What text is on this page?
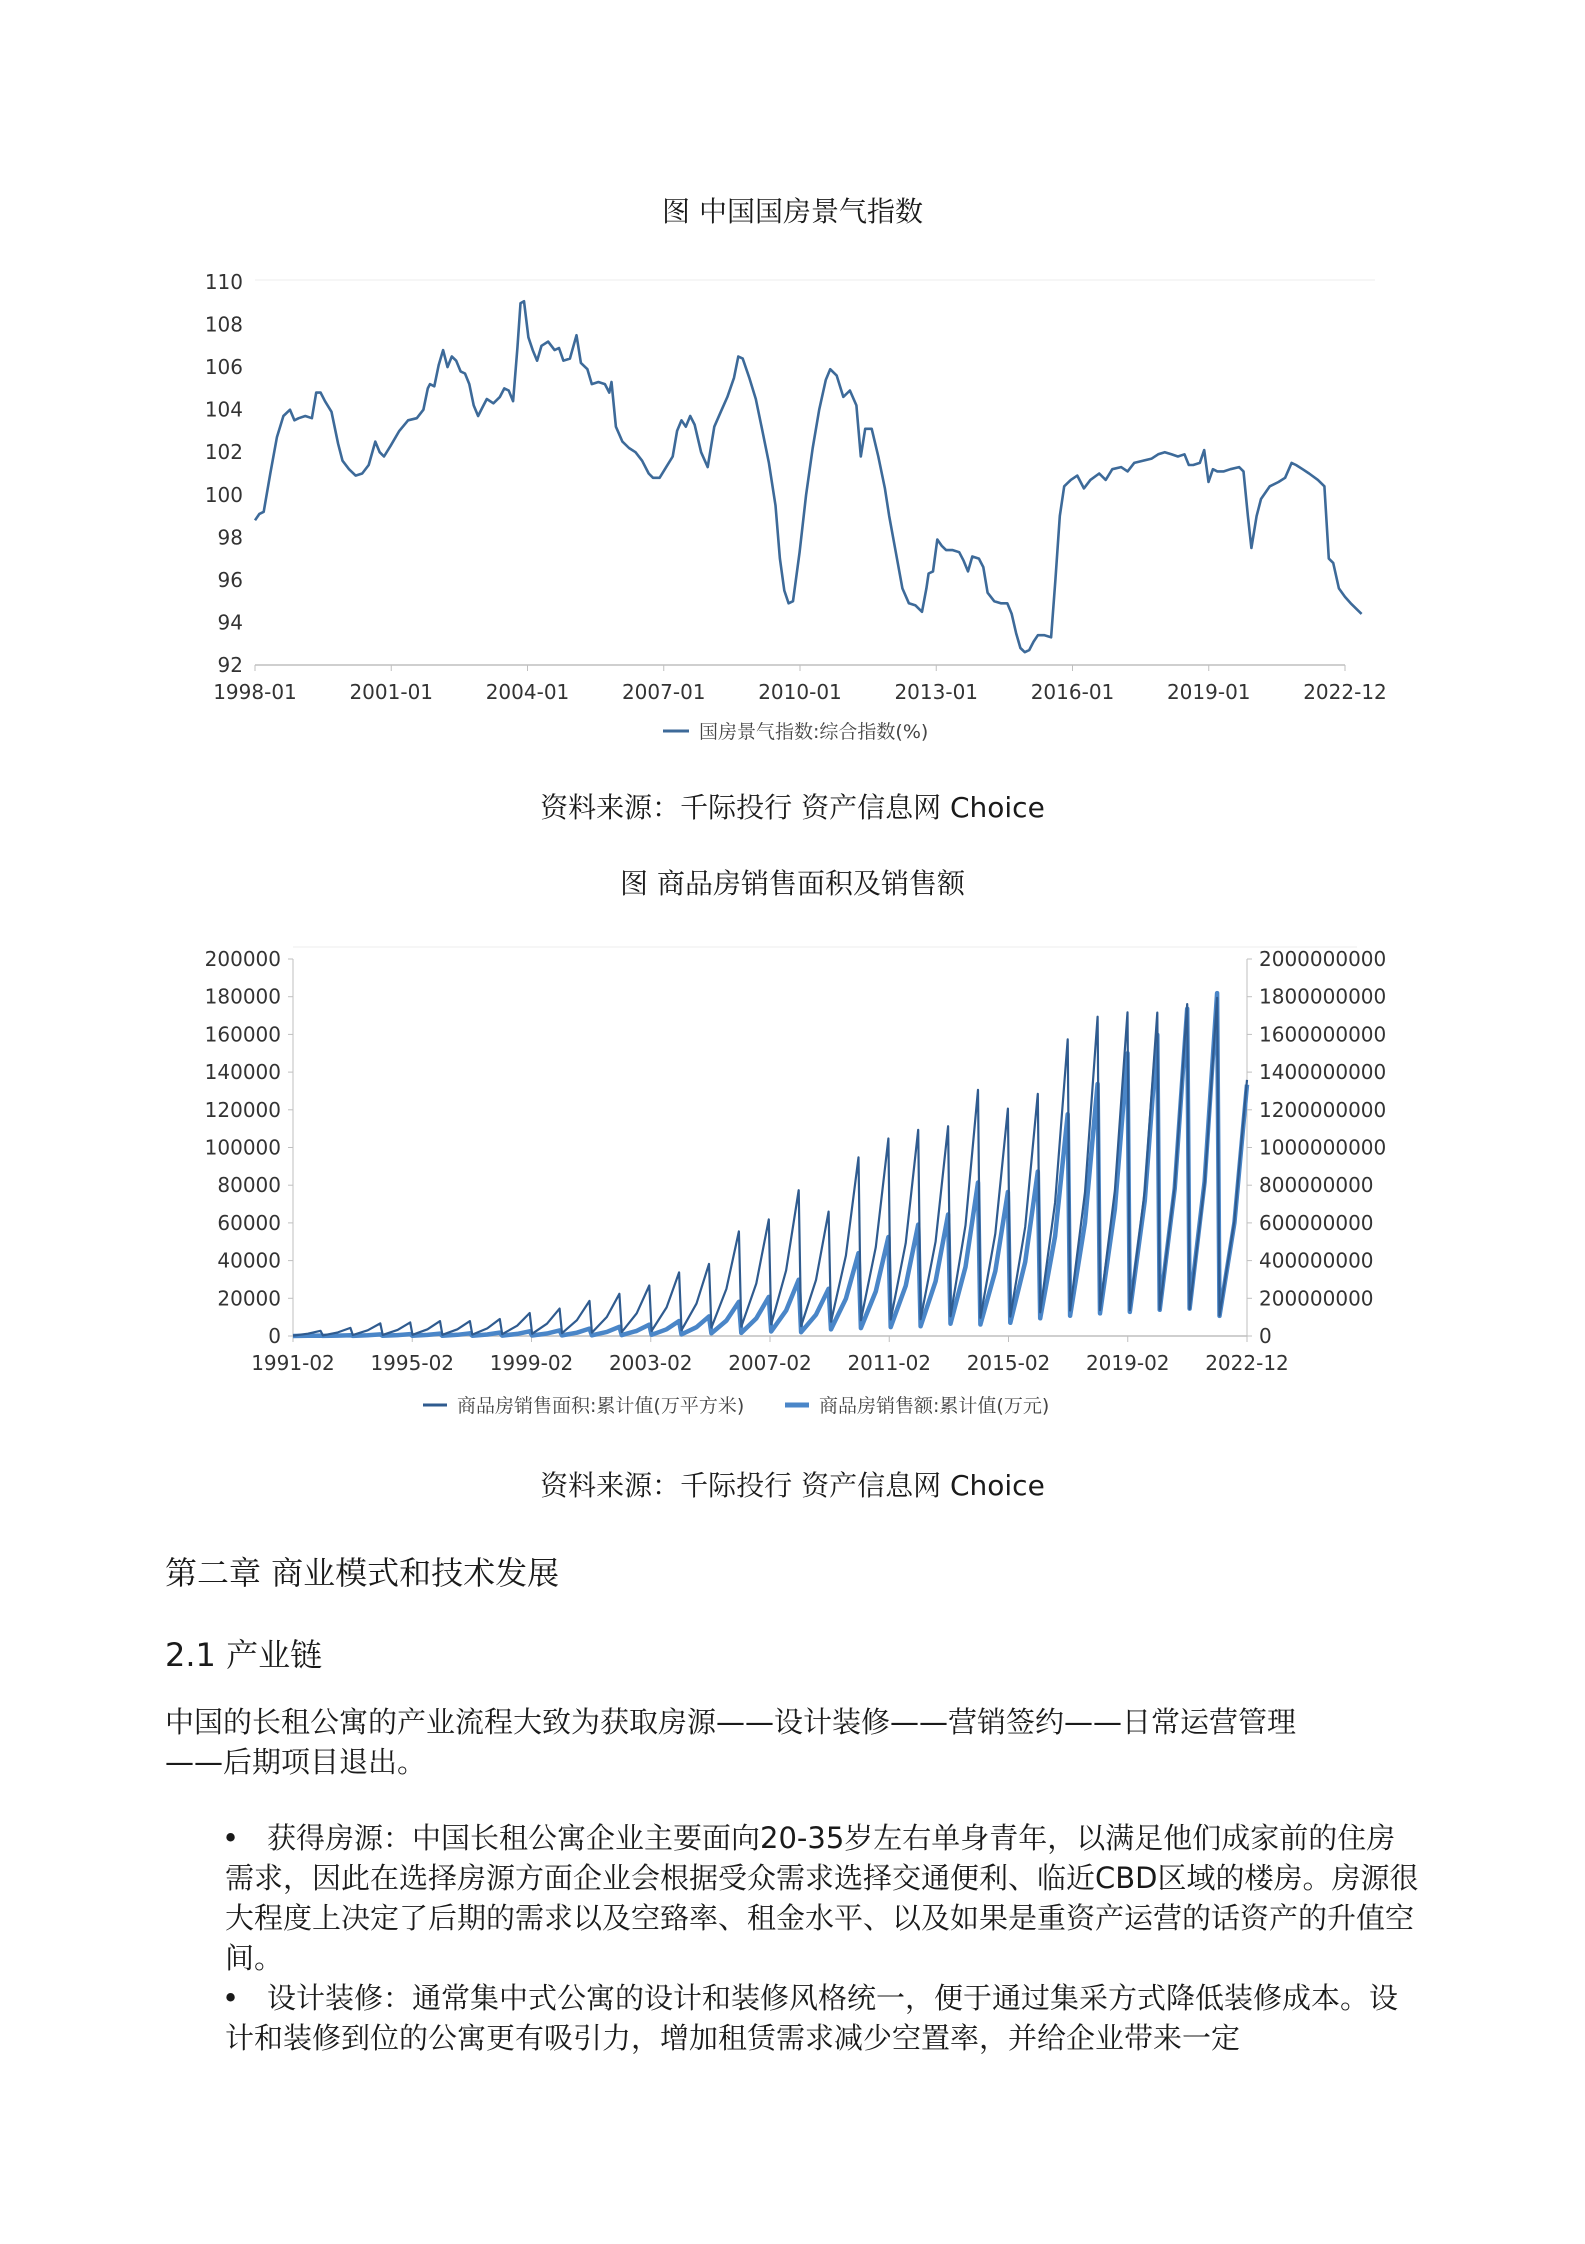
图 中国国房景气指数
110
108
106
104
102
100
98
96
94
92
1998-01	2001-01	2004-01	2007-01	2010-01	2013-01	2016-01	2019-01	2022-12
国房景气指数:综合指数(%)
资料来源：千际投行 资产信息网 Choice
图 商品房销售面积及销售额
200000
180000
160000
140000
120000
100000
80000
60000
40000
20000
0
2000000000
1800000000
1600000000
1400000000
1200000000
1000000000
800000000
600000000
400000000
200000000
0
1991-02 1995-02 1999-02 2003-02 2007-02 2011-02 2015-02 2019-02 2022-12
商品房销售面积:累计值(万平方米)	商品房销售额:累计值(万元)
资料来源：千际投行 资产信息网 Choice
第二章 商业模式和技术发展
2.1 产业链
中国的长租公寓的产业流程大致为获取房源——设计装修——营销签约——日常运营管理
——后期项目退出。
• 获得房源：中国长租公寓企业主要面向20-35岁左右单身青年，以满足他们成家前的住房需求，因此在选择房源方面企业会根据受众需求选择交通便利、临近CBD区域的楼房。房源很大程度上决定了后期的需求以及空臵率、租金水平、以及如果是重资产运营的话资产的升值空间。
• 设计装修：通常集中式公寓的设计和装修风格统一，便于通过集采方式降低装修成本。设计和装修到位的公寓更有吸引力，增加租赁需求减少空置率，并给企业带来一定
